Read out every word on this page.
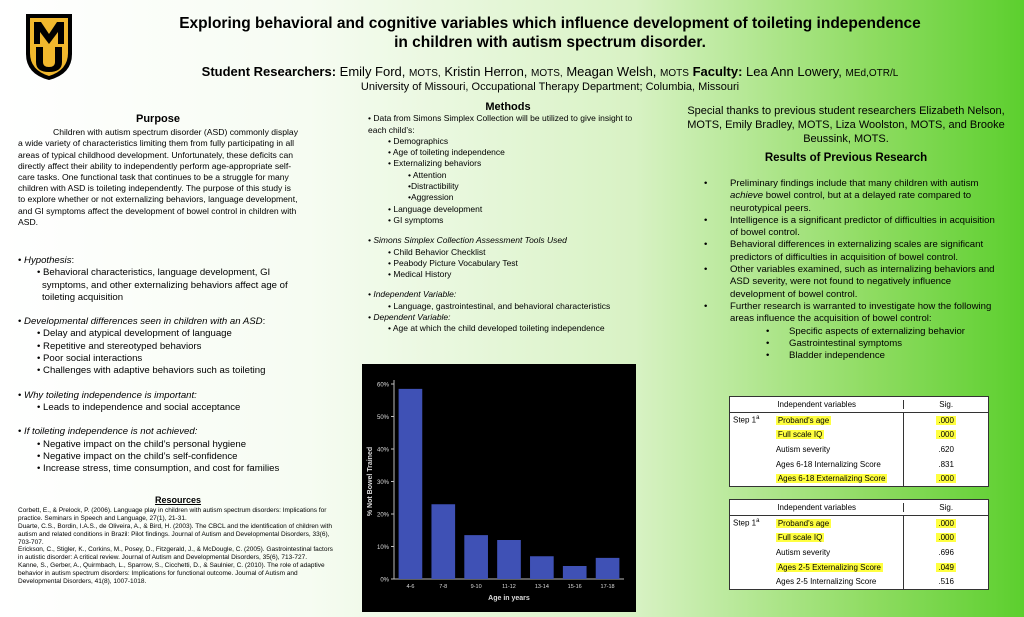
Exploring behavioral and cognitive variables which influence development of toileting independence
in children with autism spectrum disorder.
Student Researchers: Emily Ford, MOTS, Kristin Herron, MOTS, Meagan Welsh, MOTS Faculty: Lea Ann Lowery, MEd,OTR/L
University of Missouri, Occupational Therapy Department; Columbia, Missouri
Purpose

Children with autism spectrum disorder (ASD) commonly display a wide variety of characteristics limiting them from fully participating in all areas of typical childhood development. Unfortunately, these deficits can directly affect their ability to independently perform age-appropriate self-care tasks. One functional task that continues to be a struggle for many children with ASD is toileting independently. The purpose of this study is to explore whether or not externalizing behaviors, language development, and GI symptoms affect the development of bowel control in children with ASD.

• Hypothesis:
• Behavioral characteristics, language development, GI symptoms, and other externalizing behaviors affect age of toileting acquisition
• Developmental differences seen in children with an ASD:
• Delay and atypical development of language
• Repetitive and stereotyped behaviors
• Poor social interactions
• Challenges with adaptive behaviors such as toileting
• Why toileting independence is important:
• Leads to independence and social acceptance
• If toileting independence is not achieved:
• Negative impact on the child’s personal hygiene
• Negative impact on the child’s self-confidence
• Increase stress, time consumption, and cost for families
Resources
Corbett, E., & Prelock, P. (2006). Language play in children with autism spectrum disorders: Implications for practice. Seminars in Speech and Language, 27(1), 21-31.
Duarte, C.S., Bordin, I.A.S., de Oliveira, A., & Bird, H. (2003). The CBCL and the identification of children with autism and related conditions in Brazil: Pilot findings. Journal of Autism and Developmental Disorders, 33(6), 703-707.
Erickson, C., Stigler, K., Corkins, M., Posey, D., Fitzgerald, J., & McDougle, C. (2005). Gastrointestinal factors in autistic disorder: A critical review. Journal of Autism and Developmental Disorders, 35(6), 713-727.
Kanne, S., Gerber, A., Quirmbach, L., Sparrow, S., Cicchetti, D., & Saulnier, C. (2010). The role of adaptive behavior in autism spectrum disorders: Implications for functional outcome. Journal of Autism and Developmental Disorders, 41(8), 1007-1018.
Methods
• Data from Simons Simplex Collection will be utilized to give insight to each child’s:
• Demographics
• Age of toileting independence
• Externalizing behaviors
• Attention
•Distractibility
•Aggression
• Language development
• GI symptoms
• Simons Simplex Collection Assessment Tools Used
• Child Behavior Checklist
• Peabody Picture Vocabulary Test
• Medical History
• Independent Variable:
• Language, gastrointestinal, and behavioral characteristics
• Dependent Variable:
• Age at which the child developed toileting independence
0%
10%
20%
30%
40%
50%
60%
4-6	7-8	9-10	11-12	13-14	15-16	17-18
Age in years
% Not Bowel Trained
Special thanks to previous student researchers Elizabeth Nelson, MOTS, Emily Bradley, MOTS, Liza Woolston, MOTS, and Brooke Beussink, MOTS.
Results of Previous Research
• Preliminary findings include that many children with autism achieve bowel control, but at a delayed rate compared to neurotypical peers.
• Intelligence is a significant predictor of difficulties in acquisition of bowel control.
• Behavioral differences in externalizing scales are significant predictors of difficulties in acquisition of bowel control.
• Other variables examined, such as internalizing behaviors and ASD severity, were not found to negatively influence development of bowel control.
• Further research is warranted to investigate how the following areas influence the acquisition of bowel control:
• Specific aspects of externalizing behavior
• Gastrointestinal symptoms
• Bladder independence
Independent variables	Sig.
Step 1$^a$	Proband's age	.000
Full scale IQ	.000
Autism severity	.620
Ages 6-18 Internalizing Score	.831
Ages 6-18 Externalizing Score	.000
Independent variables	Sig.
Step 1$^a$	Proband's age	.000
Full scale IQ	.000
Autism severity	.696
Ages 2-5 Externalizing Score	.049
Ages 2-5 Internalizing Score	.516
